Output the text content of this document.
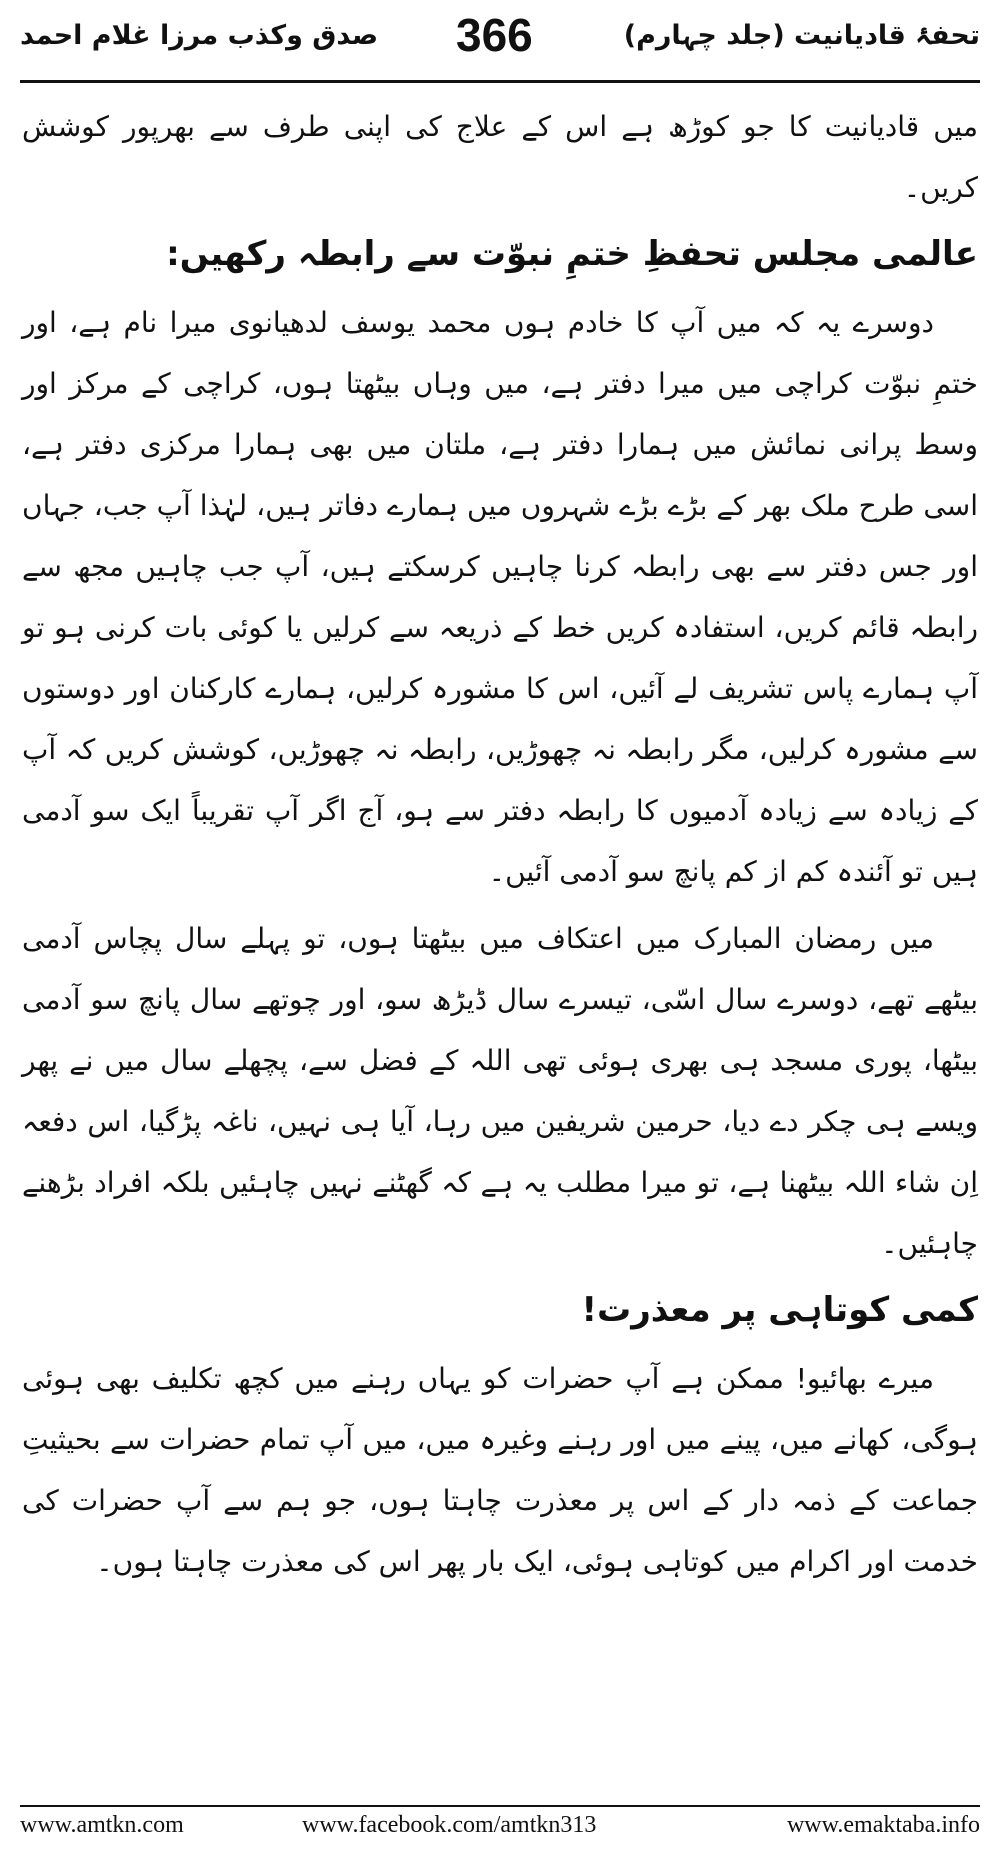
تحفۂ قادیانیت (جلد چہارم)
366
صدق وکذب مرزا غلام احمد

میں قادیانیت کا جو کوڑھ ہے اس کے علاج کی اپنی طرف سے بھرپور کوشش کریں۔

عالمی مجلس تحفظِ ختمِ نبوّت سے رابطہ رکھیں:

دوسرے یہ کہ میں آپ کا خادم ہوں محمد یوسف لدھیانوی میرا نام ہے، اور ختمِ نبوّت کراچی میں میرا دفتر ہے، میں وہاں بیٹھتا ہوں، کراچی کے مرکز اور وسط پرانی نمائش میں ہمارا دفتر ہے، ملتان میں بھی ہمارا مرکزی دفتر ہے، اسی طرح ملک بھر کے بڑے بڑے شہروں میں ہمارے دفاتر ہیں، لہٰذا آپ جب، جہاں اور جس دفتر سے بھی رابطہ کرنا چاہیں کرسکتے ہیں، آپ جب چاہیں مجھ سے رابطہ قائم کریں، استفادہ کریں خط کے ذریعہ سے کرلیں یا کوئی بات کرنی ہو تو آپ ہمارے پاس تشریف لے آئیں، اس کا مشورہ کرلیں، ہمارے کارکنان اور دوستوں سے مشورہ کرلیں، مگر رابطہ نہ چھوڑیں، رابطہ نہ چھوڑیں، کوشش کریں کہ آپ کے زیادہ سے زیادہ آدمیوں کا رابطہ دفتر سے ہو، آج اگر آپ تقریباً ایک سو آدمی ہیں تو آئندہ کم از کم پانچ سو آدمی آئیں۔

میں رمضان المبارک میں اعتکاف میں بیٹھتا ہوں، تو پہلے سال پچاس آدمی بیٹھے تھے، دوسرے سال اسّی، تیسرے سال ڈیڑھ سو، اور چوتھے سال پانچ سو آدمی بیٹھا، پوری مسجد ہی بھری ہوئی تھی اللہ کے فضل سے، پچھلے سال میں نے پھر ویسے ہی چکر دے دیا، حرمین شریفین میں رہا، آیا ہی نہیں، ناغہ پڑگیا، اس دفعہ اِن شاء اللہ بیٹھنا ہے، تو میرا مطلب یہ ہے کہ گھٹنے نہیں چاہئیں بلکہ افراد بڑھنے چاہئیں۔

کمی کوتاہی پر معذرت!

میرے بھائیو! ممکن ہے آپ حضرات کو یہاں رہنے میں کچھ تکلیف بھی ہوئی ہوگی، کھانے میں، پینے میں اور رہنے وغیرہ میں، میں آپ تمام حضرات سے بحیثیتِ جماعت کے ذمہ دار کے اس پر معذرت چاہتا ہوں، جو ہم سے آپ حضرات کی خدمت اور اکرام میں کوتاہی ہوئی، ایک بار پھر اس کی معذرت چاہتا ہوں۔

www.amtkn.com	www.facebook.com/amtkn313	www.emaktaba.info
